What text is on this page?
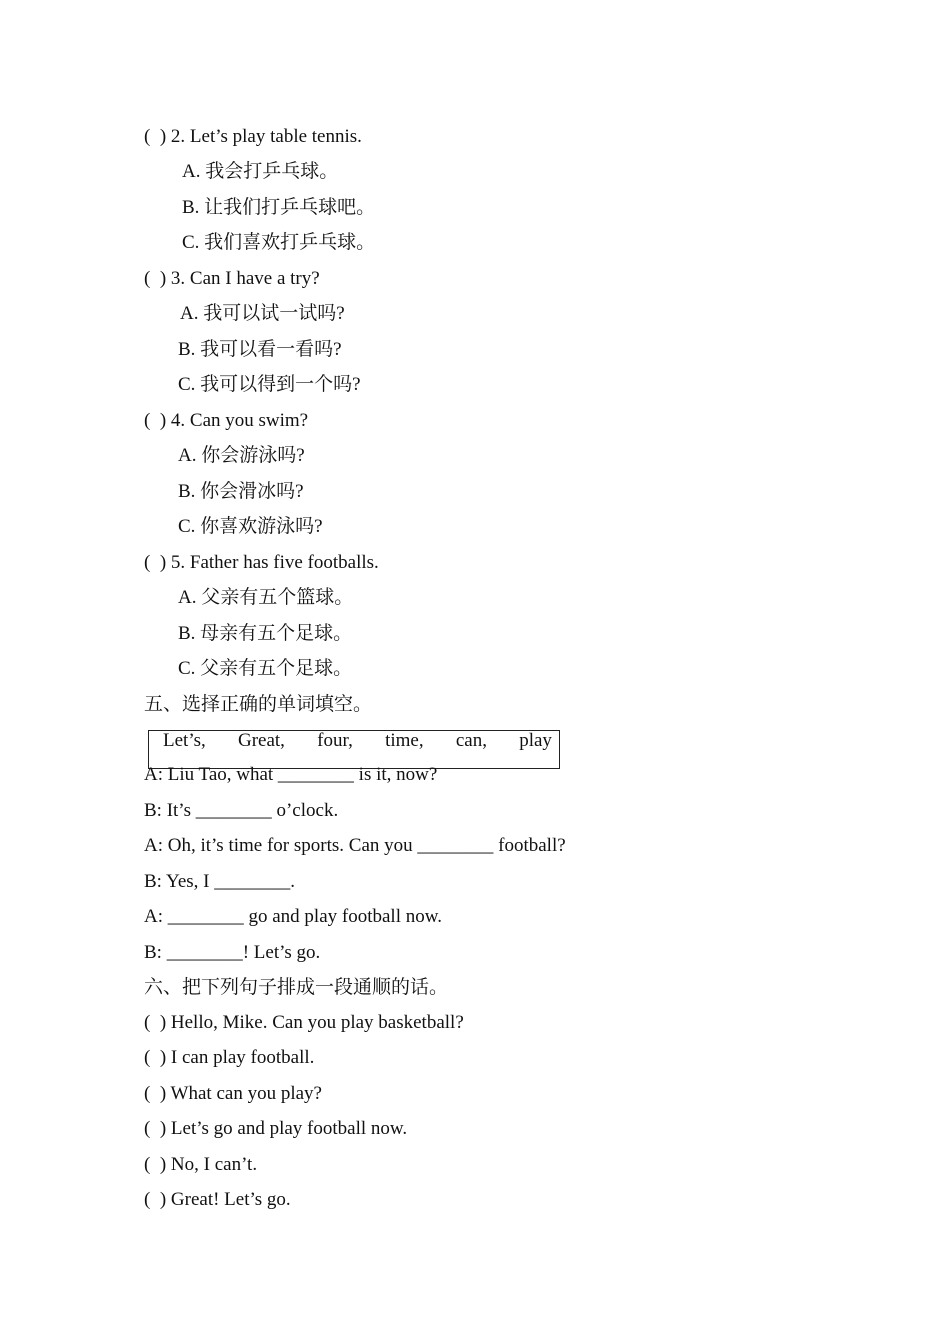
(  ) 2. Let’s play table tennis.
A. 我会打乒乓球。
B. 让我们打乒乓球吧。
C. 我们喜欢打乒乓球。
(  ) 3. Can I have a try?
A. 我可以试一试吗?
B. 我可以看一看吗?
C. 我可以得到一个吗?
(  ) 4. Can you swim?
A. 你会游泳吗?
B. 你会滑冰吗?
C. 你喜欢游泳吗?
(  ) 5. Father has five footballs.
A. 父亲有五个篮球。
B. 母亲有五个足球。
C. 父亲有五个足球。
五、选择正确的单词填空。
Let’s,   Great,   four,   time,   can,   play
A: Liu Tao, what ________ is it, now?
B: It’s ________ o’clock.
A: Oh, it’s time for sports. Can you ________ football?
B: Yes, I ________.
A: ________ go and play football now.
B: ________! Let’s go.
六、把下列句子排成一段通顺的话。
(  ) Hello, Mike. Can you play basketball?
(  ) I can play football.
(  ) What can you play?
(  ) Let’s go and play football now.
(  ) No, I can’t.
(  ) Great! Let’s go.
